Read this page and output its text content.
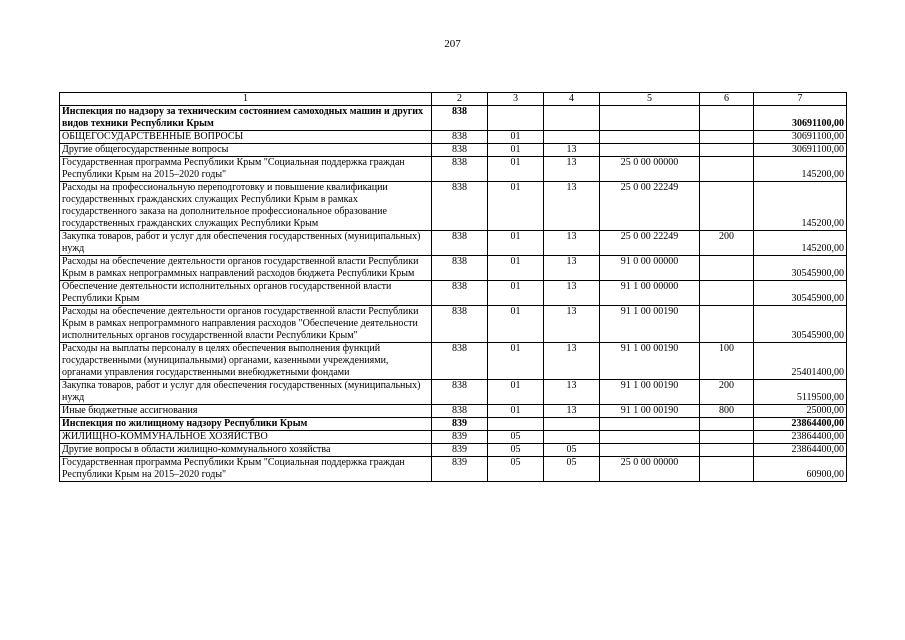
207
1	2	3	4	5	6	7
Инспекция по надзору за техническим состоянием самоходных машин и других видов техники Республики Крым	838					30691100,00
ОБЩЕГОСУДАРСТВЕННЫЕ ВОПРОСЫ	838	01				30691100,00
Другие общегосударственные вопросы	838	01	13			30691100,00
Государственная программа Республики Крым "Социальная поддержка граждан Республики Крым на 2015–2020 годы"	838	01	13	25 0 00 00000		145200,00
Расходы на профессиональную переподготовку и повышение квалификации государственных гражданских служащих Республики Крым в рамках государственного заказа на дополнительное профессиональное образование государственных гражданских служащих Республики Крым	838	01	13	25 0 00 22249		145200,00
Закупка товаров, работ и услуг для обеспечения государственных (муниципальных) нужд	838	01	13	25 0 00 22249	200	145200,00
Расходы на обеспечение деятельности органов государственной власти Республики Крым в рамках непрограммных направлений расходов бюджета Республики Крым	838	01	13	91 0 00 00000		30545900,00
Обеспечение деятельности исполнительных органов государственной власти Республики Крым	838	01	13	91 1 00 00000		30545900,00
Расходы на обеспечение деятельности органов государственной власти Республики Крым в рамках непрограммного направления расходов "Обеспечение деятельности исполнительных органов государственной власти Республики Крым"	838	01	13	91 1 00 00190		30545900,00
Расходы на выплаты персоналу в целях обеспечения выполнения функций государственными (муниципальными) органами, казенными учреждениями, органами управления государственными внебюджетными фондами	838	01	13	91 1 00 00190	100	25401400,00
Закупка товаров, работ и услуг для обеспечения государственных (муниципальных) нужд	838	01	13	91 1 00 00190	200	5119500,00
Иные бюджетные ассигнования	838	01	13	91 1 00 00190	800	25000,00
Инспекция по жилищному надзору Республики Крым	839					23864400,00
ЖИЛИЩНО-КОММУНАЛЬНОЕ ХОЗЯЙСТВО	839	05				23864400,00
Другие вопросы в области жилищно-коммунального хозяйства	839	05	05			23864400,00
Государственная программа Республики Крым "Социальная поддержка граждан Республики Крым на 2015–2020 годы"	839	05	05	25 0 00 00000		60900,00
